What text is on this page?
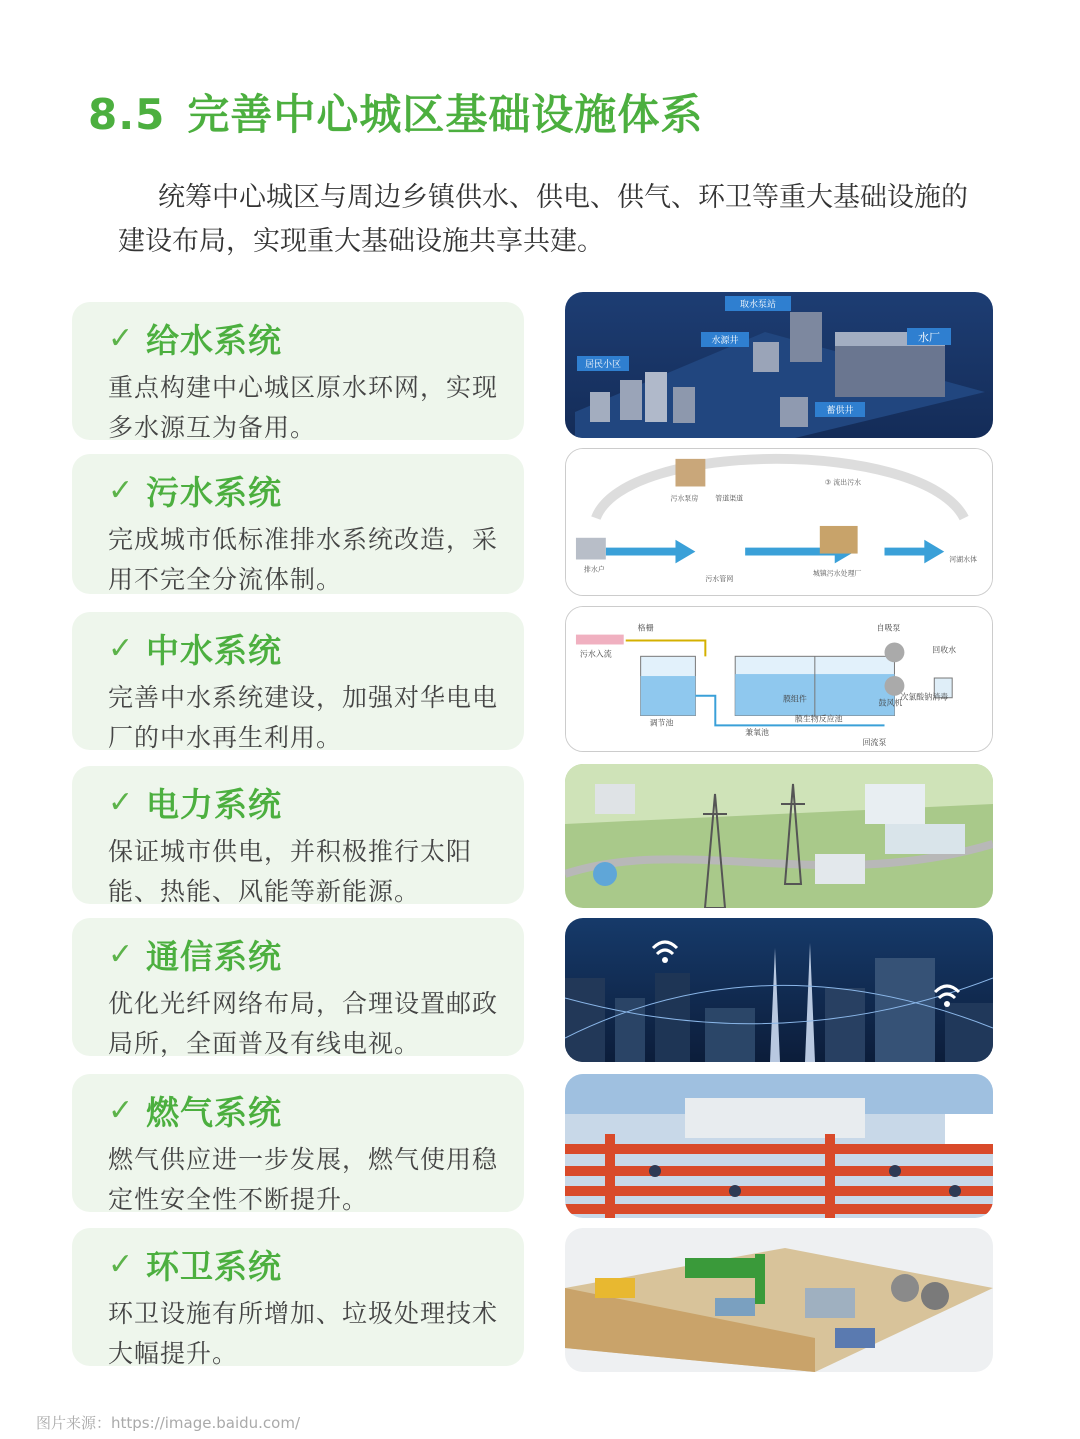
8.5 完善中心城区基础设施体系
统筹中心城区与周边乡镇供水、供电、供气、环卫等重大基础设施的建设布局，实现重大基础设施共享共建。
✓ 给水系统
重点构建中心城区原水环网，实现多水源互为备用。
✓ 污水系统
完成城市低标准排水系统改造，采用不完全分流体制。
✓ 中水系统
完善中水系统建设，加强对华电电厂的中水再生利用。
✓ 电力系统
保证城市供电，并积极推行太阳能、热能、风能等新能源。
✓ 通信系统
优化光纤网络布局，合理设置邮政局所，全面普及有线电视。
✓ 燃气系统
燃气供应进一步发展，燃气使用稳定性安全性不断提升。
✓ 环卫系统
环卫设施有所增加、垃圾处理技术大幅提升。
取水泵站
水源井	水厂
居民小区
蓄供井
污水泵房 管道渠道
③ 流出污水
排水户
污水管网
城镇污水处理厂
河湖水体
格栅
污水入流
自吸泵
回收水
鼓风机
次氯酸钠消毒
调节池
膜组件
膜生物反应池
兼氧池
回流泵
图片来源：https://image.baidu.com/
